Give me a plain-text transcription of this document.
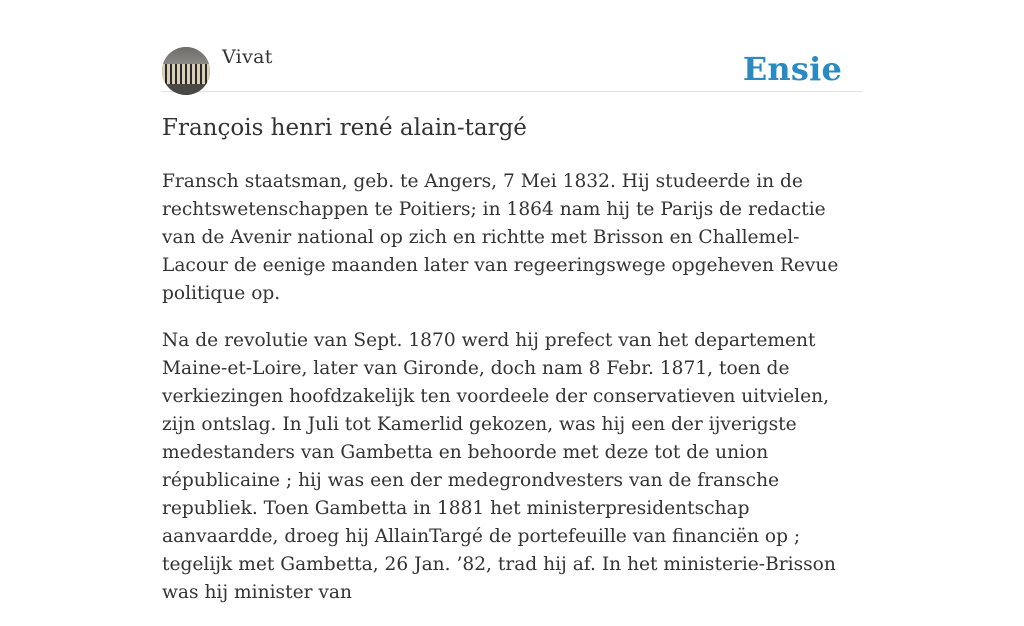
Vivat	Ensie
François henri rené alain-targé

Fransch staatsman, geb. te Angers, 7 Mei 1832. Hij studeerde in de rechtswetenschappen te Poitiers; in 1864 nam hij te Parijs de redactie van de Avenir national op zich en richtte met Brisson en Challemel-Lacour de eenige maanden later van regeeringswege opgeheven Revue politique op.

Na de revolutie van Sept. 1870 werd hij prefect van het departement Maine-et-Loire, later van Gironde, doch nam 8 Febr. 1871, toen de verkiezingen hoofdzakelijk ten voordeele der conservatieven uitvielen, zijn ontslag. In Juli tot Kamerlid gekozen, was hij een der ijverigste medestanders van Gambetta en behoorde met deze tot de union républicaine ; hij was een der medegrondvesters van de fransche republiek. Toen Gambetta in 1881 het ministerpresidentschap aanvaardde, droeg hij AllainTargé de portefeuille van financiën op ; tegelijk met Gambetta, 26 Jan. ’82, trad hij af. In het ministerie-Brisson was hij minister van
